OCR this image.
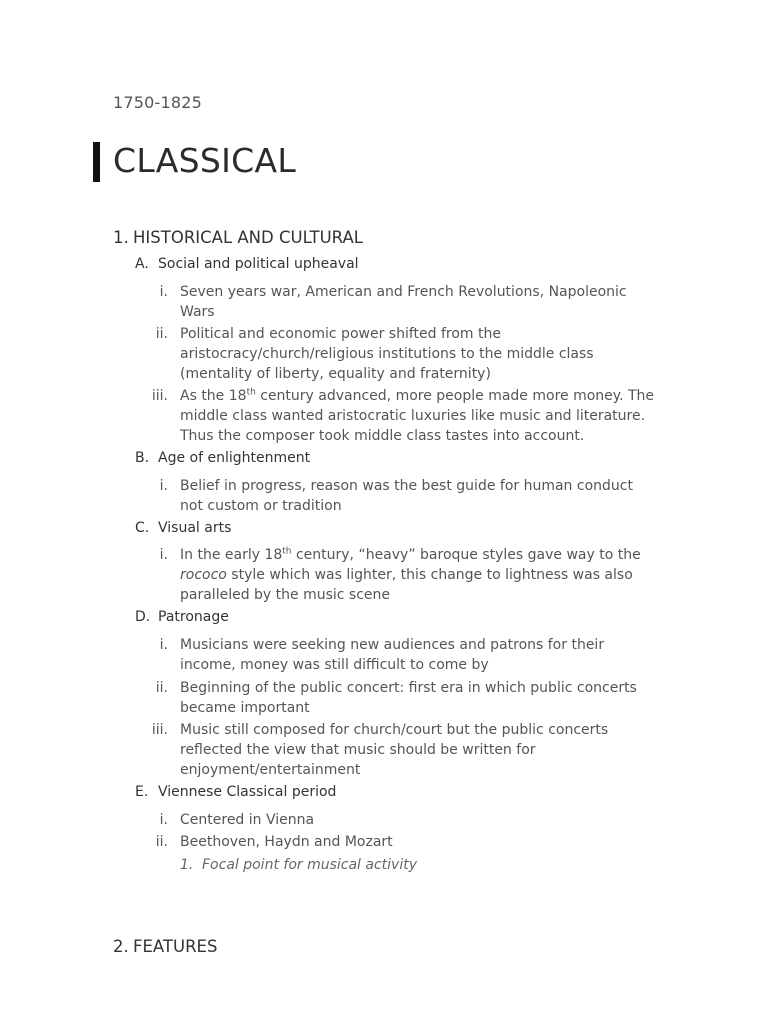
1750-1825
CLASSICAL
1. HISTORICAL AND CULTURAL
A. Social and political upheaval
i. Seven years war, American and French Revolutions, Napoleonic Wars
ii. Political and economic power shifted from the aristocracy/church/religious institutions to the middle class (mentality of liberty, equality and fraternity)
iii. As the 18th century advanced, more people made more money. The middle class wanted aristocratic luxuries like music and literature. Thus the composer took middle class tastes into account.
B. Age of enlightenment
i. Belief in progress, reason was the best guide for human conduct not custom or tradition
C. Visual arts
i. In the early 18th century, “heavy” baroque styles gave way to the rococo style which was lighter, this change to lightness was also paralleled by the music scene
D. Patronage
i. Musicians were seeking new audiences and patrons for their income, money was still difficult to come by
ii. Beginning of the public concert: first era in which public concerts became important
iii. Music still composed for church/court but the public concerts reflected the view that music should be written for enjoyment/entertainment
E. Viennese Classical period
i. Centered in Vienna
ii. Beethoven, Haydn and Mozart
1. Focal point for musical activity
2. FEATURES
